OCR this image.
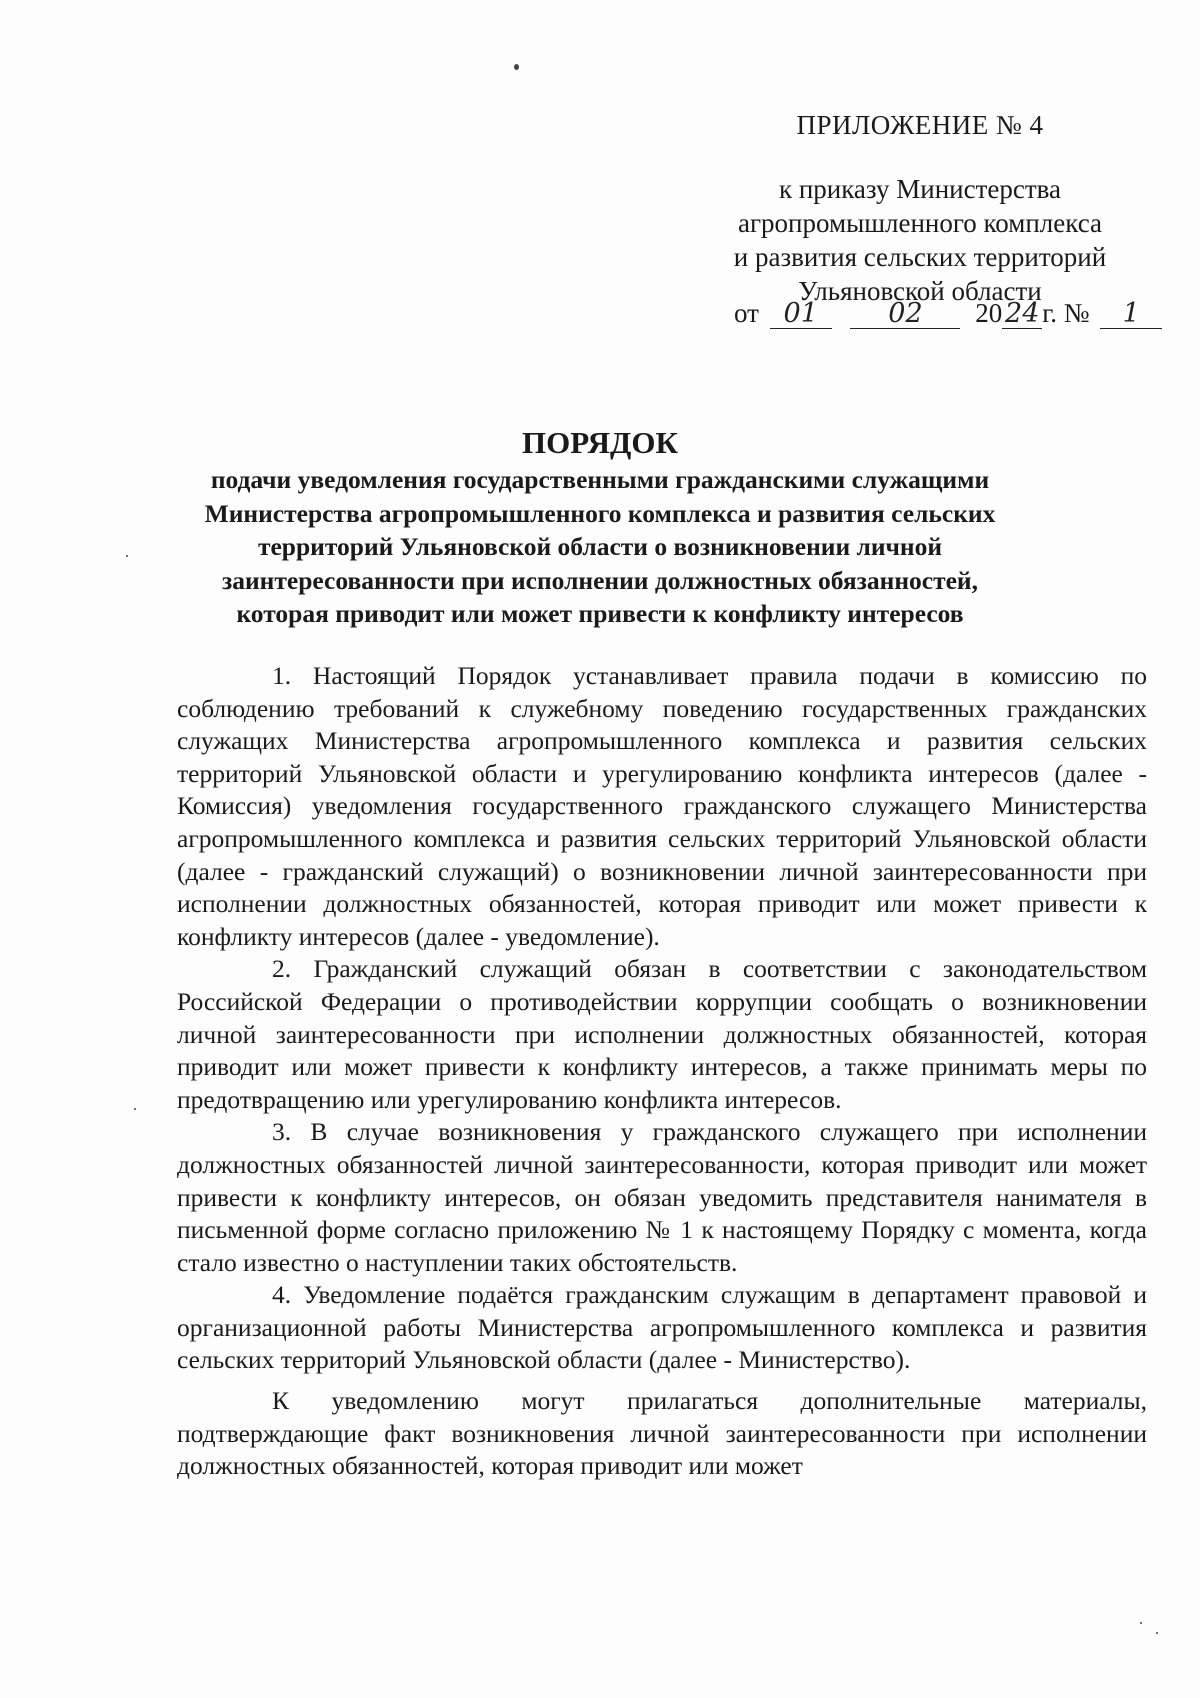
ПРИЛОЖЕНИЕ № 4
к приказу Министерства
агропромышленного комплекса
и развития сельских территорий
Ульяновской области
от 01	02 20 24 г. № 1
ПОРЯДОК
подачи уведомления государственными гражданскими служащими
Министерства агропромышленного комплекса и развития сельских
территорий Ульяновской области о возникновении личной
заинтересованности при исполнении должностных обязанностей,
которая приводит или может привести к конфликту интересов

1. Настоящий Порядок устанавливает правила подачи в комиссию по соблюдению требований к служебному поведению государственных гражданских служащих Министерства агропромышленного комплекса и развития сельских территорий Ульяновской области и урегулированию конфликта интересов (далее - Комиссия) уведомления государственного гражданского служащего Министерства агропромышленного комплекса и развития сельских территорий Ульяновской области (далее - гражданский служащий) о возникновении личной заинтересованности при исполнении должностных обязанностей, которая приводит или может привести к конфликту интересов (далее - уведомление).

2. Гражданский служащий обязан в соответствии с законодательством Российской Федерации о противодействии коррупции сообщать о возникновении личной заинтересованности при исполнении должностных обязанностей, которая приводит или может привести к конфликту интересов, а также принимать меры по предотвращению или урегулированию конфликта интересов.

3. В случае возникновения у гражданского служащего при исполнении должностных обязанностей личной заинтересованности, которая приводит или может привести к конфликту интересов, он обязан уведомить представителя нанимателя в письменной форме согласно приложению № 1 к настоящему Порядку с момента, когда стало известно о наступлении таких обстоятельств.

4. Уведомление подаётся гражданским служащим в департамент правовой и организационной работы Министерства агропромышленного комплекса и развития сельских территорий Ульяновской области (далее - Министерство).

К уведомлению могут прилагаться дополнительные материалы, подтверждающие факт возникновения личной заинтересованности при исполнении должностных обязанностей, которая приводит или может
